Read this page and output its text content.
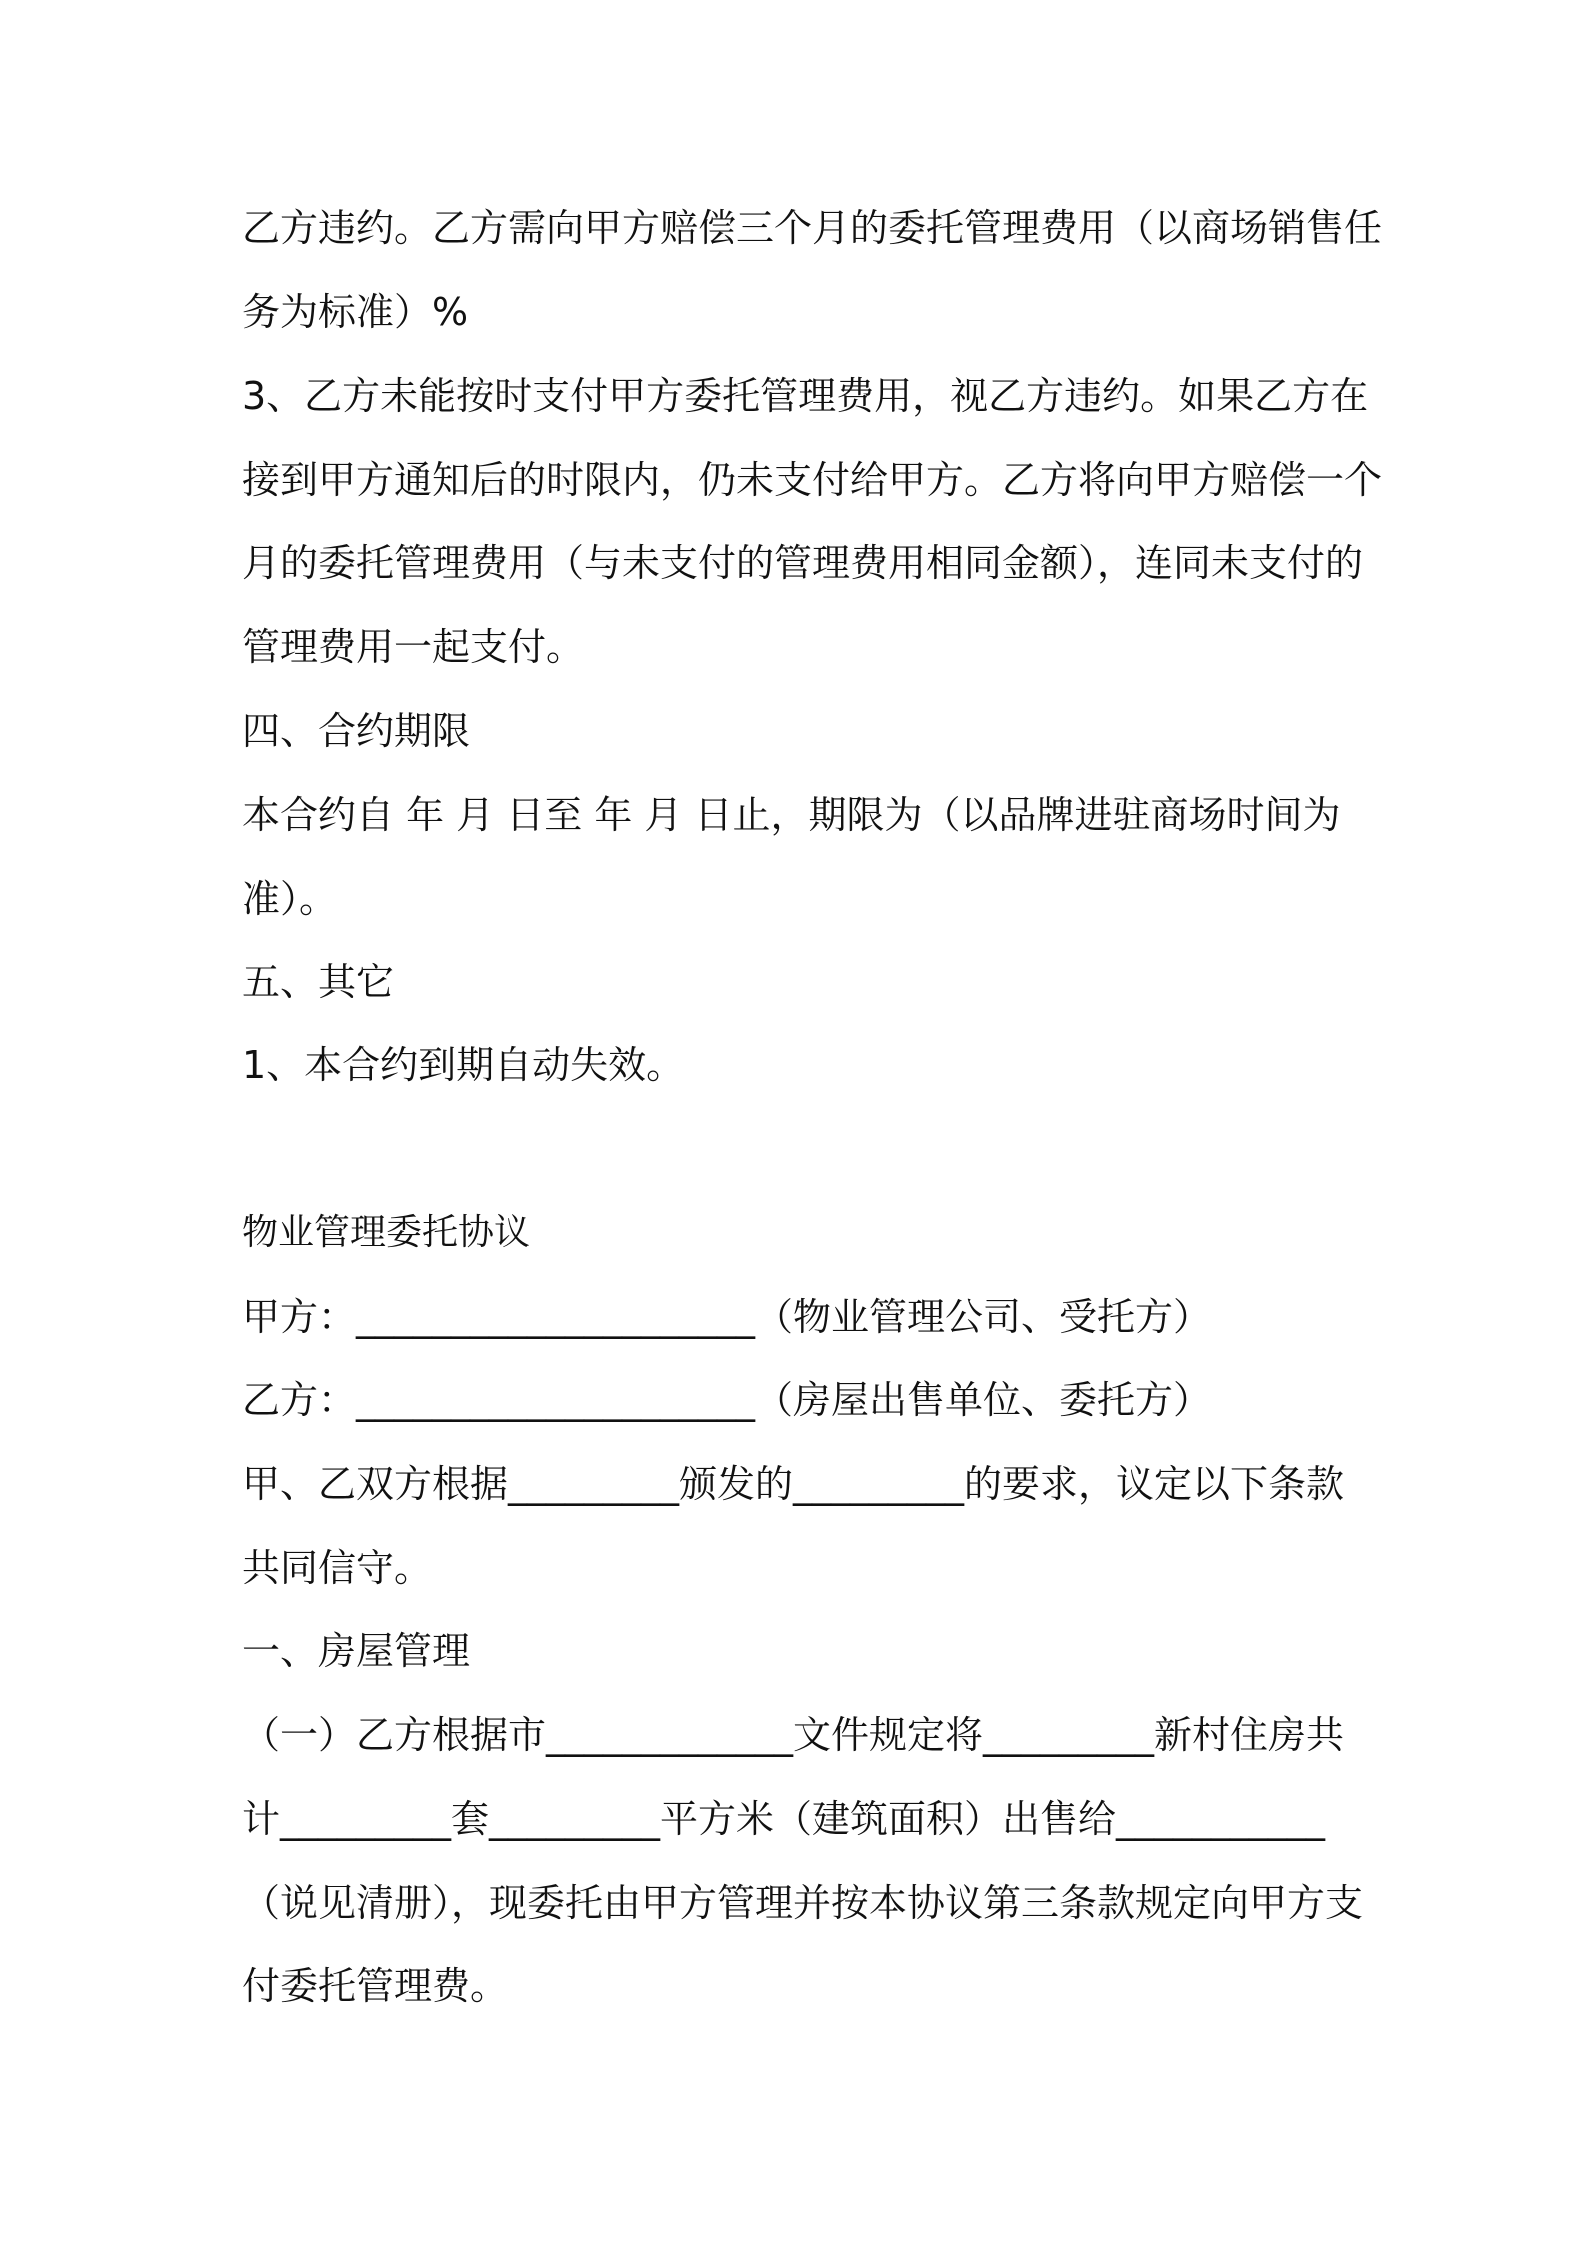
乙方违约。乙方需向甲方赔偿三个月的委托管理费用（以商场销售任
务为标准）%
3、乙方未能按时支付甲方委托管理费用，视乙方违约。如果乙方在
接到甲方通知后的时限内，仍未支付给甲方。乙方将向甲方赔偿一个
月的委托管理费用（与未支付的管理费用相同金额），连同未支付的
管理费用一起支付。
四、合约期限
本合约自 年 月 日至 年 月 日止，期限为（以品牌进驻商场时间为
准）。
五、其它
1、本合约到期自动失效。
物业管理委托协议
甲方：_____________________（物业管理公司、受托方）
乙方：_____________________（房屋出售单位、委托方）
甲、乙双方根据_________颁发的_________的要求，议定以下条款
共同信守。
一、房屋管理
（一）乙方根据市_____________文件规定将_________新村住房共
计_________套_________平方米（建筑面积）出售给___________
（说见清册），现委托由甲方管理并按本协议第三条款规定向甲方支
付委托管理费。
